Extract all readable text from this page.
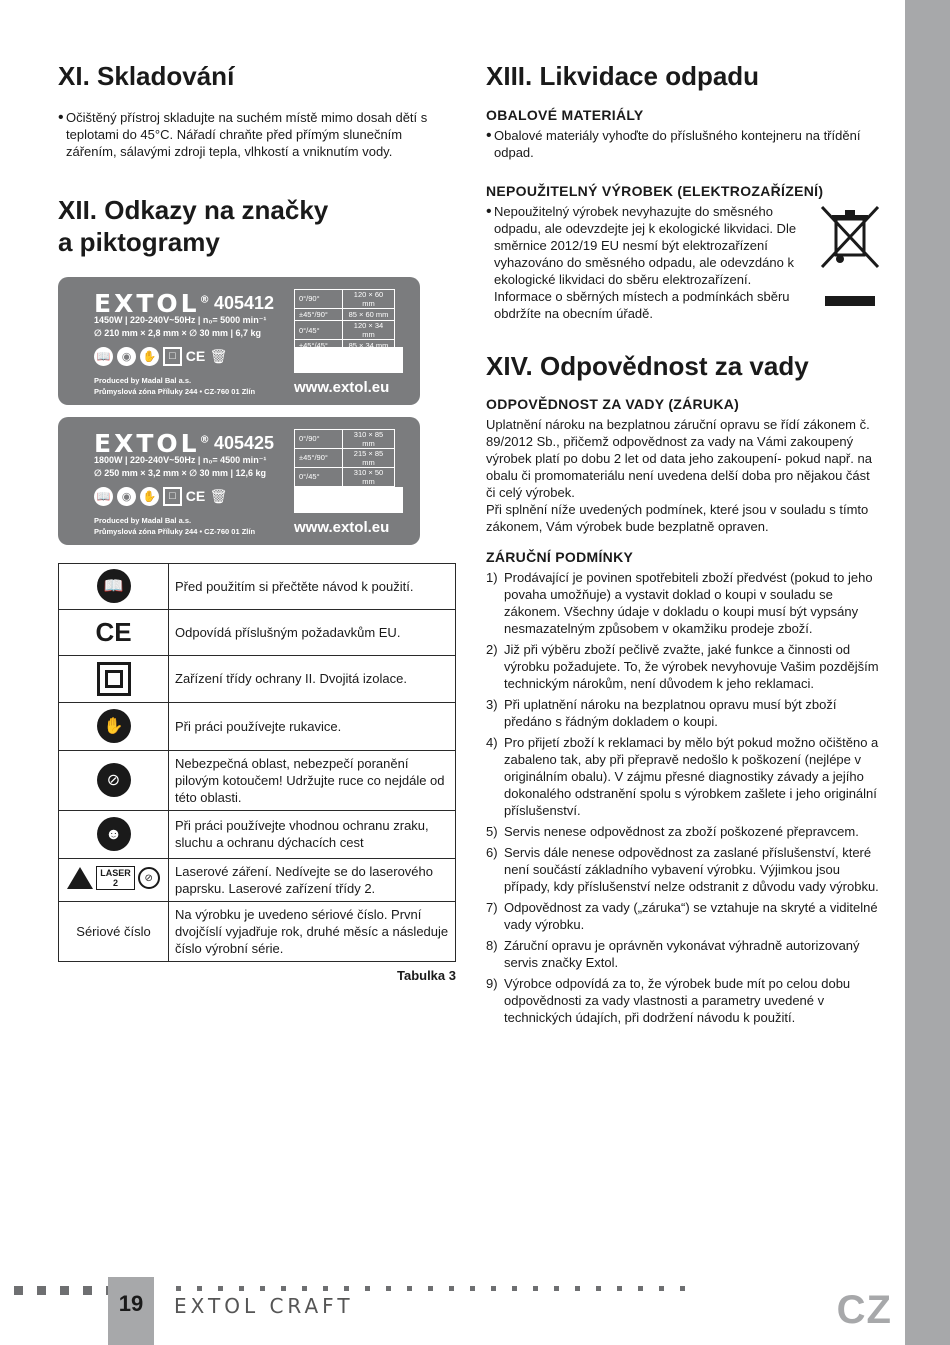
CZ
XI. Skladování
• Očištěný přístroj skladujte na suchém místě mimo dosah dětí s teplotami do 45°C. Nářadí chraňte před přímým slunečním zářením, sálavými zdroji tepla, vlhkostí a vniknutím vody.

XII. Odkazy na značky
a piktogramy
EXTOL® 405412
1450W | 220-240V~50Hz | n₀= 5000 min⁻¹
∅ 210 mm × 2,8 mm × ∅ 30 mm | 6,7 kg
📖	◉	✋	□ CE 🗑
Produced by Madal Bal a.s.
Průmyslová zóna Příluky 244 • CZ-760 01 Zlín
0°/90°	120 × 60 mm
±45°/90°	85 × 60 mm
0°/45°	120 × 34 mm

www.extol.eu
EXTOL® 405425
1800W | 220-240V~50Hz | n₀= 4500 min⁻¹
∅ 250 mm × 3,2 mm × ∅ 30 mm | 12,6 kg
📖	◉	✋	□ CE 🗑
Produced by Madal Bal a.s.
Průmyslová zóna Příluky 244 • CZ-760 01 Zlín
0°/90°	310 × 85 mm
±45°/90°	215 × 85 mm
0°/45°	310 × 50 mm

www.extol.eu
📖	Před použitím si přečtěte návod k použití.
CE	Odpovídá příslušným požadavkům EU.

	Zařízení třídy ochrany II. Dvojitá izolace.
✋	Při práci používejte rukavice.
⊘	Nebezpečná oblast, nebezpečí poranění pilovým kotoučem! Udržujte ruce co nejdále od této oblasti.
☻	Při práci používejte vhodnou ochranu zraku, sluchu a ochranu dýchacích cest

LASER
2 ⊘	Laserové záření. Nedívejte se do laserového paprsku. Laserové zařízení třídy 2.
Sériové číslo	Na výrobku je uvedeno sériové číslo. První dvojčíslí vyjadřuje rok, druhé měsíc a následuje číslo výrobní série.
Tabulka 3
XIII. Likvidace odpadu
OBALOVÉ MATERIÁLY
• Obalové materiály vyhoďte do příslušného kontejneru na třídění odpad.

NEPOUŽITELNÝ VÝROBEK (ELEKTROZAŘÍZENÍ)
• Nepoužitelný výrobek nevyhazujte do směsného odpadu, ale odevzdejte jej k ekologické likvidaci. Dle směrnice 2012/19 EU nesmí být elektrozařízení vyhazováno do směsného odpadu, ale odevzdáno k ekologické likvidaci do sběru elektrozařízení. Informace o sběrných místech a podmínkách sběru obdržíte na obecním úřadě.

XIV. Odpovědnost za vady
ODPOVĚDNOST ZA VADY (ZÁRUKA)

Uplatnění nároku na bezplatnou záruční opravu se řídí zákonem č. 89/2012 Sb., přičemž odpovědnost za vady na Vámi zakoupený výrobek platí po dobu 2 let od data jeho zakoupení- pokud např. na obalu či promomateriálu není uvedena delší doba pro nějakou část či celý výrobek.

Při splnění níže uvedených podmínek, které jsou v souladu s tímto zákonem, Vám výrobek bude bezplatně opraven.

ZÁRUČNÍ PODMÍNKY
1) Prodávající je povinen spotřebiteli zboží předvést (pokud to jeho povaha umožňuje) a vystavit doklad o koupi v souladu se zákonem. Všechny údaje v dokladu o koupi musí být vypsány nesmazatelným způsobem v okamžiku prodeje zboží.
2) Již při výběru zboží pečlivě zvažte, jaké funkce a činnosti od výrobku požadujete. To, že výrobek nevyhovuje Vašim pozdějším technickým nárokům, není důvodem k jeho reklamaci.
3) Při uplatnění nároku na bezplatnou opravu musí být zboží předáno s řádným dokladem o koupi.
4) Pro přijetí zboží k reklamaci by mělo být pokud možno očištěno a zabaleno tak, aby při přepravě nedošlo k poškození (nejlépe v originálním obalu). V zájmu přesné diagnostiky závady a jejího dokonalého odstranění spolu s výrobkem zašlete i jeho originální příslušenství.
5) Servis nenese odpovědnost za zboží poškozené přepravcem.
6) Servis dále nenese odpovědnost za zaslané příslušenství, které není součástí základního vybavení výrobku. Výjimkou jsou případy, kdy příslušenství nelze odstranit z důvodu vady výrobku.
7) Odpovědnost za vady („záruka“) se vztahuje na skryté a viditelné vady výrobku.
8) Záruční opravu je oprávněn vykonávat výhradně autorizovaný servis značky Extol.
9) Výrobce odpovídá za to, že výrobek bude mít po celou dobu odpovědnosti za vady vlastnosti a parametry uvedené v technických údajích, při dodržení návodu k použití.
19	EXTOL CRAFT
